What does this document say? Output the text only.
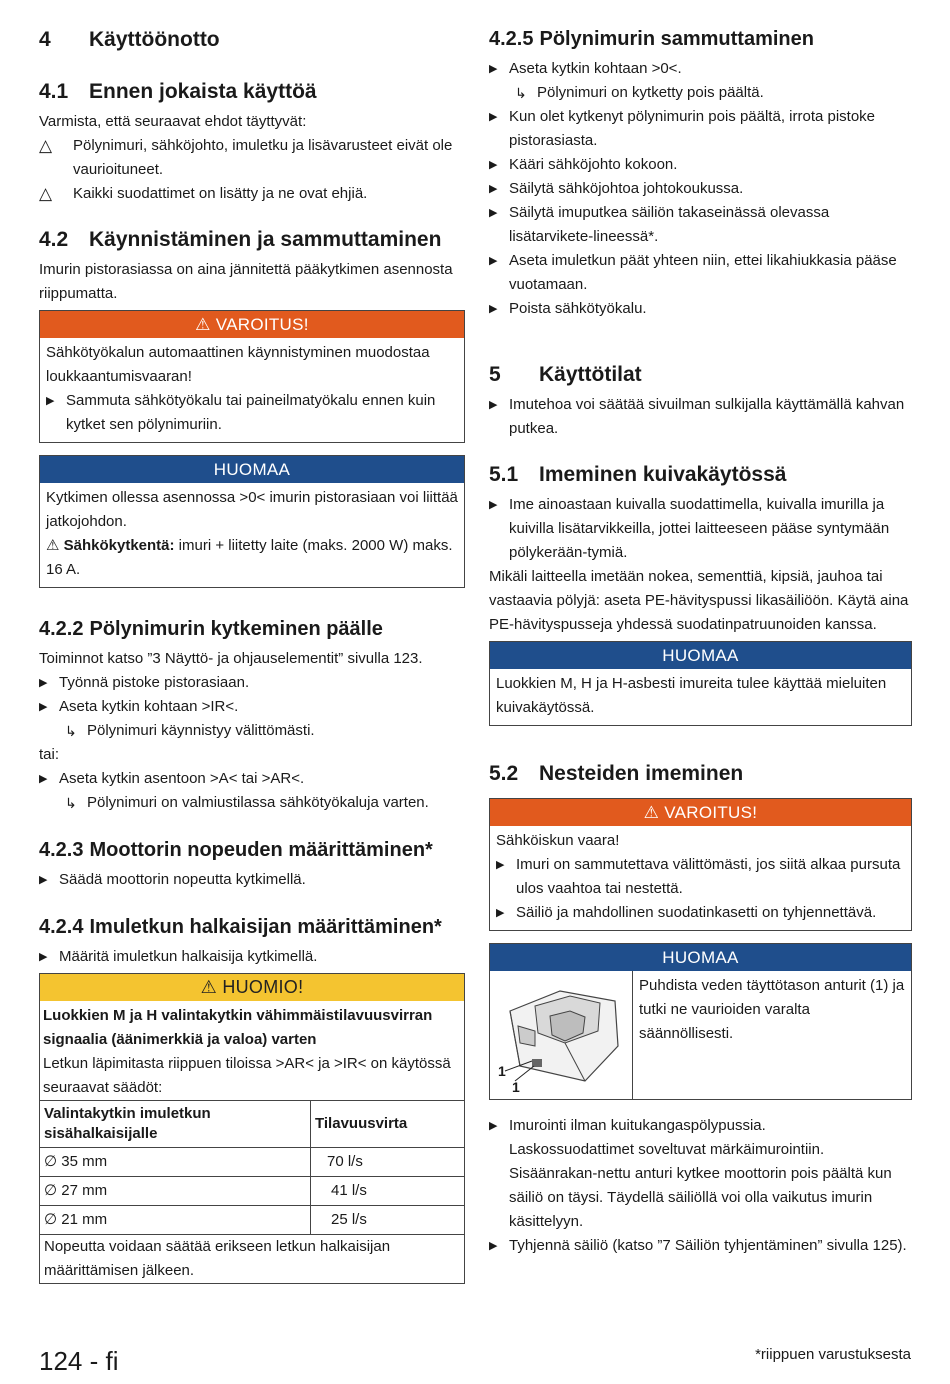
4	Käyttöönotto
4.1 Ennen jokaista käyttöä

Varmista, että seuraavat ehdot täyttyvät:

△	Pölynimuri, sähköjohto, imuletku ja lisävarusteet eivät ole vaurioituneet.
△	Kaikki suodattimet on lisätty ja ne ovat ehjiä.
4.2 Käynnistäminen ja sammuttaminen

Imurin pistorasiassa on aina jännitettä pääkytkimen asennosta riippumatta.

⚠ VAROITUS!

Sähkötyökalun automaattinen käynnistyminen muodostaa loukkaantumisvaaran!

▶ Sammuta sähkötyökalu tai paineilmatyökalu ennen kuin kytket sen pölynimuriin.
HUOMAA

Kytkimen ollessa asennossa >0< imurin pistorasiaan voi liittää jatkojohdon.

⚠ Sähkökytkentä: imuri + liitetty laite (maks. 2000 W) maks. 16 A.

4.2.2 Pölynimurin kytkeminen päälle

Toiminnot katso ”3 Näyttö- ja ohjauselementit” sivulla 123.

▶ Työnnä pistoke pistorasiaan.
▶ Aseta kytkin kohtaan >IR<.
↳ Pölynimuri käynnistyy välittömästi.

tai:

▶ Aseta kytkin asentoon >A< tai >AR<.
↳ Pölynimuri on valmiustilassa sähkötyökaluja varten.
4.2.3 Moottorin nopeuden määrittäminen*
▶ Säädä moottorin nopeutta kytkimellä.
4.2.4 Imuletkun halkaisijan määrittäminen*
▶ Määritä imuletkun halkaisija kytkimellä.
⚠ HUOMIO!

Luokkien M ja H valintakytkin vähimmäistilavuusvirran signaalia (äänimerkkiä ja valoa) varten

Letkun läpimitasta riippuen tiloissa >AR< ja >IR< on käytössä seuraavat säädöt:

Valintakytkin imuletkun sisähalkaisijalle	Tilavuusvirta
∅ 35 mm	70 l/s
∅ 27 mm	41 l/s
∅ 21 mm	25 l/s
Nopeutta voidaan säätää erikseen letkun halkaisijan määrittämisen jälkeen.	
4.2.5 Pölynimurin sammuttaminen
▶ Aseta kytkin kohtaan >0<.
↳ Pölynimuri on kytketty pois päältä.
▶ Kun olet kytkenyt pölynimurin pois päältä, irrota pistoke pistorasiasta.
▶ Kääri sähköjohto kokoon.
▶ Säilytä sähköjohtoa johtokoukussa.
▶ Säilytä imuputkea säiliön takaseinässä olevassa lisätarvikete-lineessä*.
▶ Aseta imuletkun päät yhteen niin, ettei likahiukkasia pääse vuotamaan.
▶ Poista sähkötyökalu.
5	Käyttötilat
▶ Imutehoa voi säätää sivuilman sulkijalla käyttämällä kahvan putkea.
5.1 Imeminen kuivakäytössä
▶ Ime ainoastaan kuivalla suodattimella, kuivalla imurilla ja kuivilla lisätarvikkeilla, jottei laitteeseen pääse syntymään pölykerään-tymiä.

Mikäli laitteella imetään nokea, sementtiä, kipsiä, jauhoa tai vastaavia pölyjä: aseta PE-hävityspussi likasäiliöön. Käytä aina PE-hävityspusseja yhdessä suodatinpatruunoiden kanssa.

HUOMAA

Luokkien M, H ja H-asbesti imureita tulee käyttää mieluiten kuivakäytössä.

5.2 Nesteiden imeminen
⚠ VAROITUS!

Sähköiskun vaara!

▶ Imuri on sammutettava välittömästi, jos siitä alkaa pursuta ulos vaahtoa tai nestettä.
▶ Säiliö ja mahdollinen suodatinkasetti on tyhjennettävä.
HUOMAA
1
1

Puhdista veden täyttötason anturit (1) ja tutki ne vaurioiden varalta säännöllisesti.

▶ Imurointi ilman kuitukangaspölypussia.

Laskossuodattimet soveltuvat märkäimurointiin. Sisäänrakan-nettu anturi kytkee moottorin pois päältä kun säiliö on täysi. Täydellä säiliöllä voi olla vaikutus imurin käsittelyyn.

▶ Tyhjennä säiliö (katso ”7 Säiliön tyhjentäminen” sivulla 125).
124 - fi	*riippuen varustuksesta
